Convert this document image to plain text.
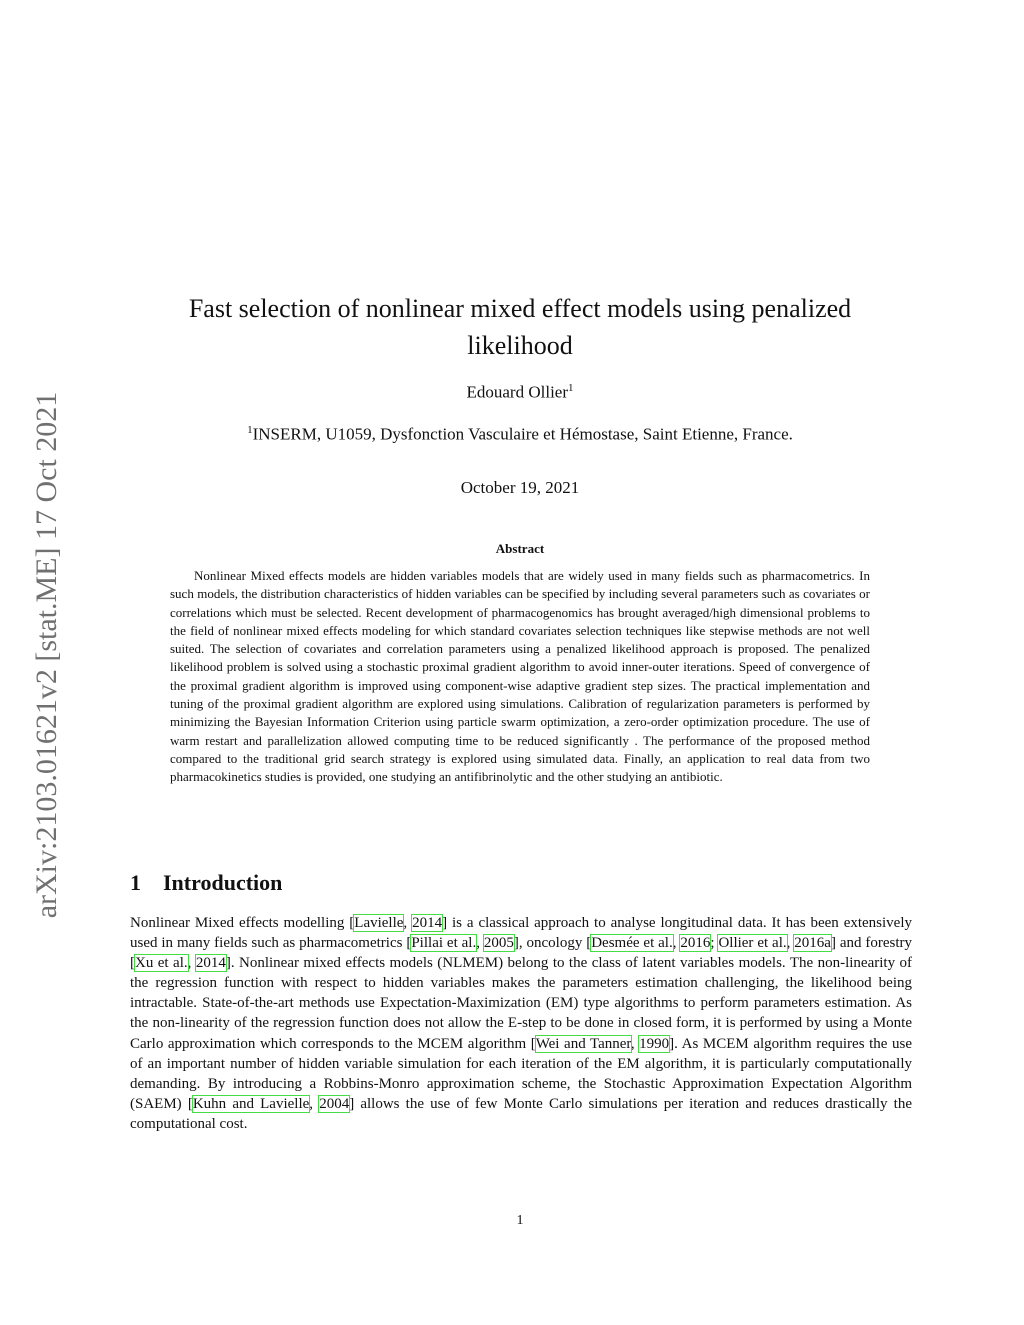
arXiv:2103.01621v2 [stat.ME] 17 Oct 2021
Fast selection of nonlinear mixed effect models using penalized likelihood
Edouard Ollier$^1$
$^1$INSERM, U1059, Dysfonction Vasculaire et Hémostase, Saint Etienne, France.
October 19, 2021
Abstract

Nonlinear Mixed effects models are hidden variables models that are widely used in many fields such as pharmacometrics. In such models, the distribution characteristics of hidden variables can be specified by including several parameters such as covariates or correlations which must be selected. Recent development of pharmacogenomics has brought averaged/high dimensional problems to the field of nonlinear mixed effects modeling for which standard covariates selection techniques like stepwise methods are not well suited. The selection of covariates and correlation parameters using a penalized likelihood approach is proposed. The penalized likelihood problem is solved using a stochastic proximal gradient algorithm to avoid inner-outer iterations. Speed of convergence of the proximal gradient algorithm is improved using component-wise adaptive gradient step sizes. The practical implementation and tuning of the proximal gradient algorithm are explored using simulations. Calibration of regularization parameters is performed by minimizing the Bayesian Information Criterion using particle swarm optimization, a zero-order optimization procedure. The use of warm restart and parallelization allowed computing time to be reduced significantly . The performance of the proposed method compared to the traditional grid search strategy is explored using simulated data. Finally, an application to real data from two pharmacokinetics studies is provided, one studying an antifibrinolytic and the other studying an antibiotic.

1 Introduction

Nonlinear Mixed effects modelling [Lavielle, 2014] is a classical approach to analyse longitudinal data. It has been extensively used in many fields such as pharmacometrics [Pillai et al., 2005], oncology [Desmée et al., 2016; Ollier et al., 2016a] and forestry [Xu et al., 2014]. Nonlinear mixed effects models (NLMEM) belong to the class of latent variables models. The non-linearity of the regression function with respect to hidden variables makes the parameters estimation challenging, the likelihood being intractable. State-of-the-art methods use Expectation-Maximization (EM) type algorithms to perform parameters estimation. As the non-linearity of the regression function does not allow the E-step to be done in closed form, it is performed by using a Monte Carlo approximation which corresponds to the MCEM algorithm [Wei and Tanner, 1990]. As MCEM algorithm requires the use of an important number of hidden variable simulation for each iteration of the EM algorithm, it is particularly computationally demanding. By introducing a Robbins-Monro approximation scheme, the Stochastic Approximation Expectation Algorithm (SAEM) [Kuhn and Lavielle, 2004] allows the use of few Monte Carlo simulations per iteration and reduces drastically the computational cost.

1
